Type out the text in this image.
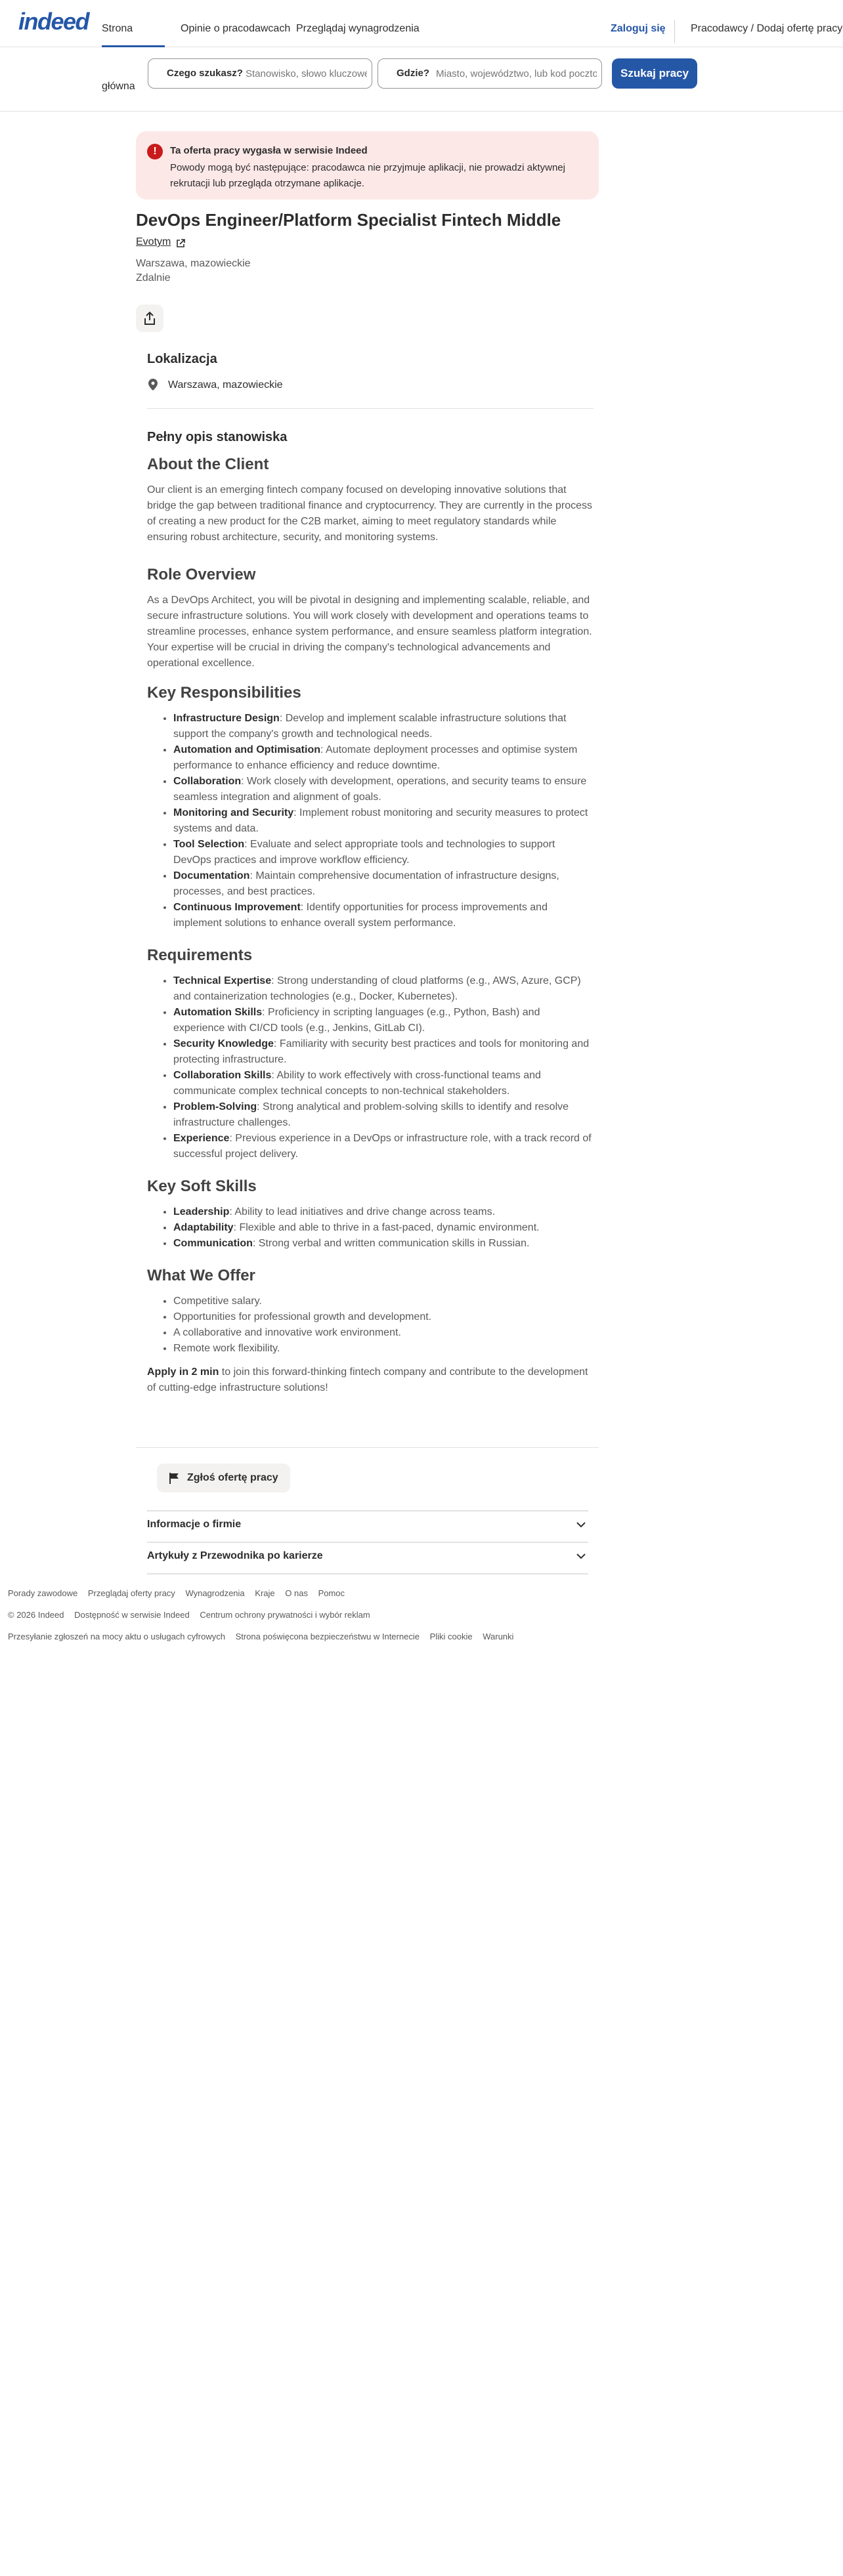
indeed Strona główna
Opinie o pracodawcach Przeglądaj wynagrodzenia	Zaloguj się Pracodawcy / Dodaj ofertę pracy
Czego szukasz?
Stanowisko, słowo kluczowe lub firma	Gdzie?
Miasto, województwo, lub kod pocztowy	Szukaj pracy
!	Ta oferta pracy wygasła w serwisie Indeed
Powody mogą być następujące: pracodawca nie przyjmuje aplikacji, nie prowadzi aktywnej rekrutacji lub przegląda otrzymane aplikacje.
DevOps Engineer/Platform Specialist Fintech Middle
Evotym
Warszawa, mazowieckie
Zdalnie
Lokalizacja
Warszawa, mazowieckie
Pełny opis stanowiska
About the Client

Our client is an emerging fintech company focused on developing innovative solutions that bridge the gap between traditional finance and cryptocurrency. They are currently in the process of creating a new product for the C2B market, aiming to meet regulatory standards while ensuring robust architecture, security, and monitoring systems.

Role Overview

As a DevOps Architect, you will be pivotal in designing and implementing scalable, reliable, and secure infrastructure solutions. You will work closely with development and operations teams to streamline processes, enhance system performance, and ensure seamless platform integration. Your expertise will be crucial in driving the company's technological advancements and operational excellence.

Key Responsibilities
• Infrastructure Design: Develop and implement scalable infrastructure solutions that support the company's growth and technological needs.
• Automation and Optimisation: Automate deployment processes and optimise system performance to enhance efficiency and reduce downtime.
• Collaboration: Work closely with development, operations, and security teams to ensure seamless integration and alignment of goals.
• Monitoring and Security: Implement robust monitoring and security measures to protect systems and data.
• Tool Selection: Evaluate and select appropriate tools and technologies to support DevOps practices and improve workflow efficiency.
• Documentation: Maintain comprehensive documentation of infrastructure designs, processes, and best practices.
• Continuous Improvement: Identify opportunities for process improvements and implement solutions to enhance overall system performance.
Requirements
• Technical Expertise: Strong understanding of cloud platforms (e.g., AWS, Azure, GCP) and containerization technologies (e.g., Docker, Kubernetes).
• Automation Skills: Proficiency in scripting languages (e.g., Python, Bash) and experience with CI/CD tools (e.g., Jenkins, GitLab CI).
• Security Knowledge: Familiarity with security best practices and tools for monitoring and protecting infrastructure.
• Collaboration Skills: Ability to work effectively with cross-functional teams and communicate complex technical concepts to non-technical stakeholders.
• Problem-Solving: Strong analytical and problem-solving skills to identify and resolve infrastructure challenges.
• Experience: Previous experience in a DevOps or infrastructure role, with a track record of successful project delivery.
Key Soft Skills
• Leadership: Ability to lead initiatives and drive change across teams.
• Adaptability: Flexible and able to thrive in a fast-paced, dynamic environment.
• Communication: Strong verbal and written communication skills in Russian.
What We Offer
• Competitive salary.
• Opportunities for professional growth and development.
• A collaborative and innovative work environment.
• Remote work flexibility.

Apply in 2 min to join this forward-thinking fintech company and contribute to the development of cutting-edge infrastructure solutions!

Zgłoś ofertę pracy
Informacje o firmie
Artykuły z Przewodnika po karierze
Porady zawodowe Przeglądaj oferty pracy Wynagrodzenia Kraje O nas Pomoc
© 2026 Indeed Dostępność w serwisie Indeed Centrum ochrony prywatności i wybór reklam
Przesyłanie zgłoszeń na mocy aktu o usługach cyfrowych Strona poświęcona bezpieczeństwu w Internecie Pliki cookie Warunki
